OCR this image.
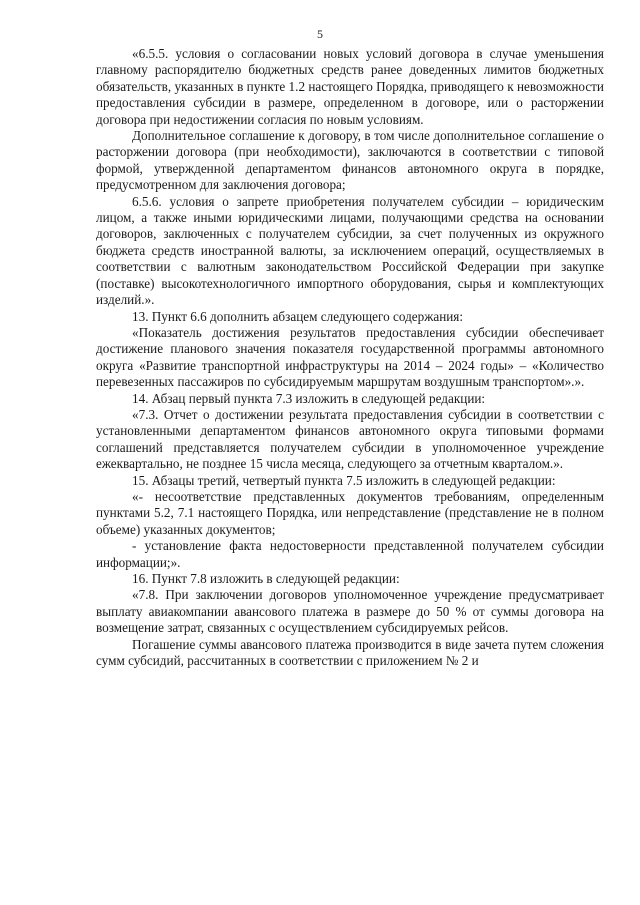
5

«6.5.5. условия о согласовании новых условий договора в случае уменьшения главному распорядителю бюджетных средств ранее доведенных лимитов бюджетных обязательств, указанных в пункте 1.2 настоящего Порядка, приводящего к невозможности предоставления субсидии в размере, определенном в договоре, или о расторжении договора при недостижении согласия по новым условиям.

Дополнительное соглашение к договору, в том числе дополнительное соглашение о расторжении договора (при необходимости), заключаются в соответствии с типовой формой, утвержденной департаментом финансов автономного округа в порядке, предусмотренном для заключения договора;

6.5.6. условия о запрете приобретения получателем субсидии – юридическим лицом, а также иными юридическими лицами, получающими средства на основании договоров, заключенных с получателем субсидии, за счет полученных из окружного бюджета средств иностранной валюты, за исключением операций, осуществляемых в соответствии с валютным законодательством Российской Федерации при закупке (поставке) высокотехнологичного импортного оборудования, сырья и комплектующих изделий.».

13. Пункт 6.6 дополнить абзацем следующего содержания:

«Показатель достижения результатов предоставления субсидии обеспечивает достижение планового значения показателя государственной программы автономного округа «Развитие транспортной инфраструктуры на 2014 – 2024 годы» – «Количество перевезенных пассажиров по субсидируемым маршрутам воздушным транспортом».».

14. Абзац первый пункта 7.3 изложить в следующей редакции:

«7.3. Отчет о достижении результата предоставления субсидии в соответствии с установленными департаментом финансов автономного округа типовыми формами соглашений представляется получателем субсидии в уполномоченное учреждение ежеквартально, не позднее 15 числа месяца, следующего за отчетным кварталом.».

15. Абзацы третий, четвертый пункта 7.5 изложить в следующей редакции:

«- несоответствие представленных документов требованиям, определенным пунктами 5.2, 7.1 настоящего Порядка, или непредставление (представление не в полном объеме) указанных документов;

- установление факта недостоверности представленной получателем субсидии информации;».

16. Пункт 7.8 изложить в следующей редакции:

«7.8. При заключении договоров уполномоченное учреждение предусматривает выплату авиакомпании авансового платежа в размере до 50 % от суммы договора на возмещение затрат, связанных с осуществлением субсидируемых рейсов.

Погашение суммы авансового платежа производится в виде зачета путем сложения сумм субсидий, рассчитанных в соответствии с приложением № 2 и
